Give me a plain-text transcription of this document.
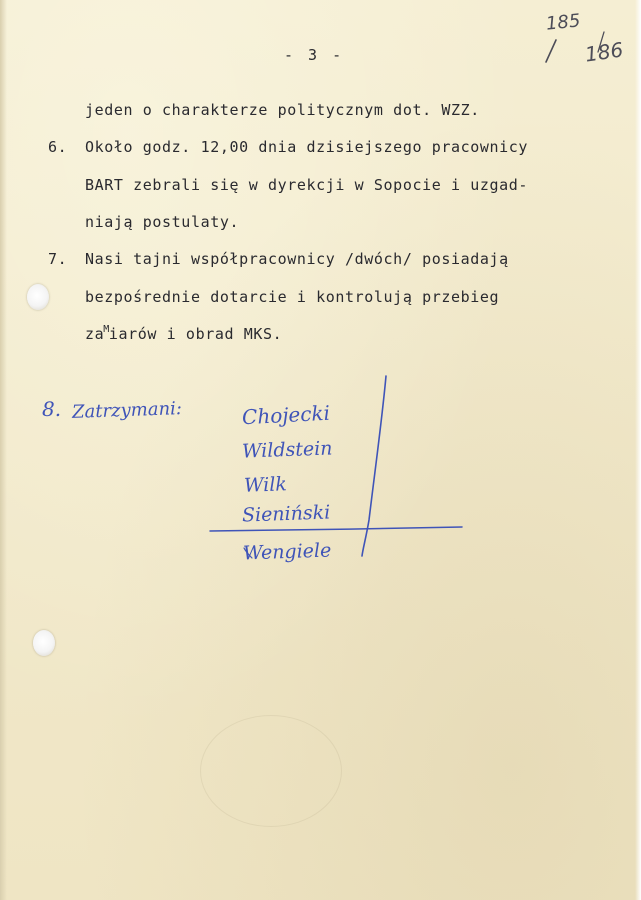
185
186
- 3 -
jeden o charakterze politycznym dot. WZZ.
6. Około godz. 12,00 dnia dzisiejszego pracownicy
BART zebrali się w dyrekcji w Sopocie i uzgad-
niają postulaty.
7. Nasi tajni współpracownicy /dwóch/ posiadają
bezpośrednie dotarcie i kontrolują przebieg
$za^Miarów$ i obrad MKS.
8. Zatrzymani:	Chojecki
Wildstein
Wilk
Sieniński
Wengiele
